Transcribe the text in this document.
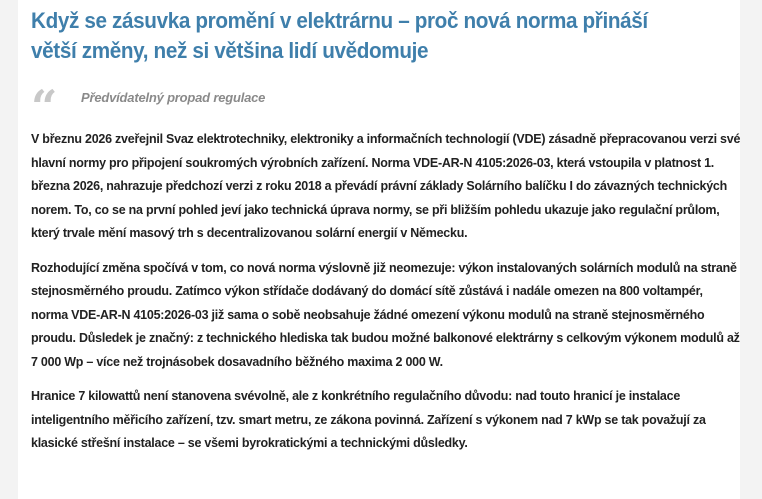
Když se zásuvka promění v elektrárnu – proč nová norma přináší větší změny, než si většina lidí uvědomuje
“	Předvídatelný propad regulace

V březnu 2026 zveřejnil Svaz elektrotechniky, elektroniky a informačních technologií (VDE) zásadně přepracovanou verzi své hlavní normy pro připojení soukromých výrobních zařízení. Norma VDE-AR-N 4105:2026-03, která vstoupila v platnost 1. března 2026, nahrazuje předchozí verzi z roku 2018 a převádí právní základy Solárního balíčku I do závazných technických norem. To, co se na první pohled jeví jako technická úprava normy, se při bližším pohledu ukazuje jako regulační průlom, který trvale mění masový trh s decentralizovanou solární energií v Německu.

Rozhodující změna spočívá v tom, co nová norma výslovně již neomezuje: výkon instalovaných solárních modulů na straně stejnosměrného proudu. Zatímco výkon střídače dodávaný do domácí sítě zůstává i nadále omezen na 800 voltampér, norma VDE-AR-N 4105:2026-03 již sama o sobě neobsahuje žádné omezení výkonu modulů na straně stejnosměrného proudu. Důsledek je značný: z technického hlediska tak budou možné balkonové elektrárny s celkovým výkonem modulů až 7 000 Wp – více než trojnásobek dosavadního běžného maxima 2 000 W.

Hranice 7 kilowattů není stanovena svévolně, ale z konkrétního regulačního důvodu: nad touto hranicí je instalace inteligentního měřicího zařízení, tzv. smart metru, ze zákona povinná. Zařízení s výkonem nad 7 kWp se tak považují za klasické střešní instalace – se všemi byrokratickými a technickými důsledky.
